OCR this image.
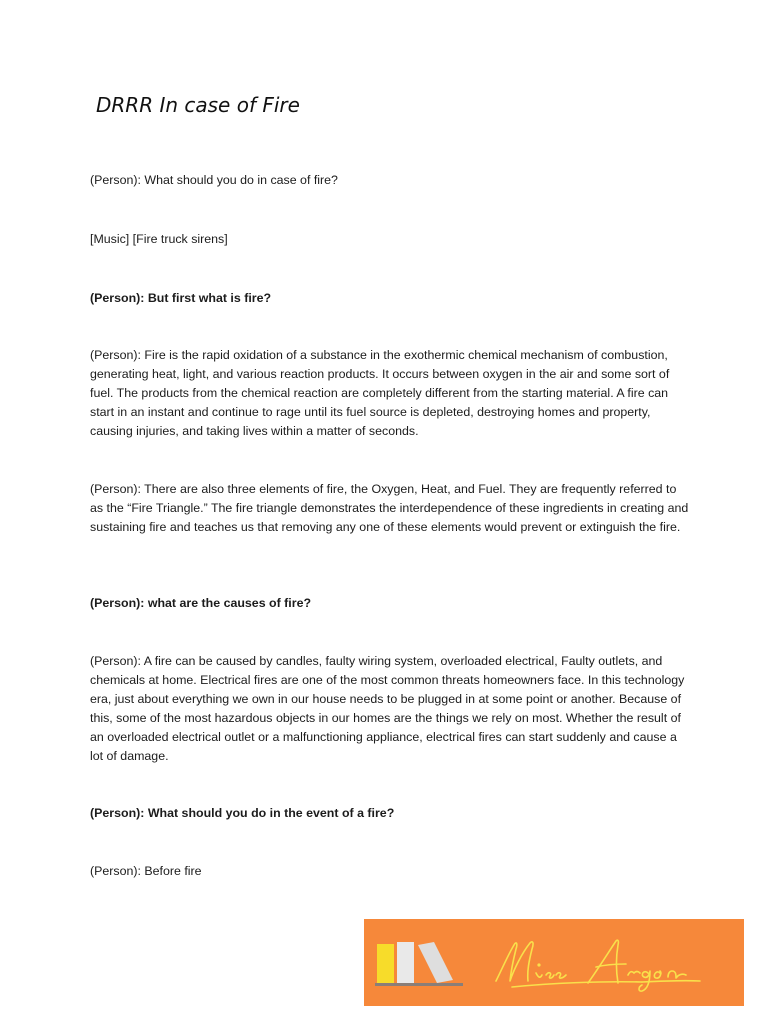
DRRR In case of Fire

(Person): What should you do in case of fire?

[Music] [Fire truck sirens]

(Person): But first what is fire?

(Person): Fire is the rapid oxidation of a substance in the exothermic chemical mechanism of combustion, generating heat, light, and various reaction products. It occurs between oxygen in the air and some sort of fuel. The products from the chemical reaction are completely different from the starting material. A fire can start in an instant and continue to rage until its fuel source is depleted, destroying homes and property, causing injuries, and taking lives within a matter of seconds.

(Person): There are also three elements of fire, the Oxygen, Heat, and Fuel. They are frequently referred to as the “Fire Triangle.” The fire triangle demonstrates the interdependence of these ingredients in creating and sustaining fire and teaches us that removing any one of these elements would prevent or extinguish the fire.

(Person): what are the causes of fire?

(Person): A fire can be caused by candles, faulty wiring system, overloaded electrical, Faulty outlets, and chemicals at home. Electrical fires are one of the most common threats homeowners face. In this technology era, just about everything we own in our house needs to be plugged in at some point or another. Because of this, some of the most hazardous objects in our homes are the things we rely on most. Whether the result of an overloaded electrical outlet or a malfunctioning appliance, electrical fires can start suddenly and cause a lot of damage.

(Person): What should you do in the event of a fire?

(Person): Before fire
